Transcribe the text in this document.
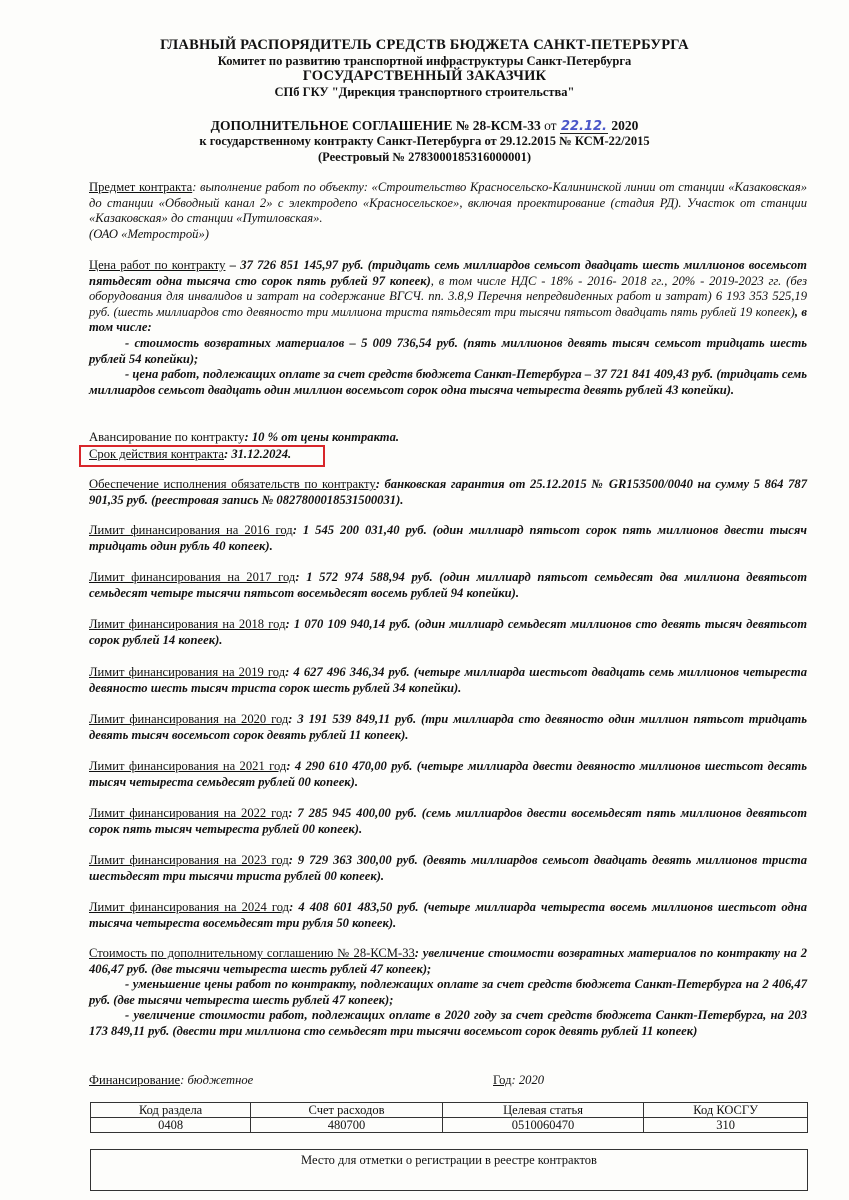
ГЛАВНЫЙ РАСПОРЯДИТЕЛЬ СРЕДСТВ БЮДЖЕТА САНКТ-ПЕТЕРБУРГА
Комитет по развитию транспортной инфраструктуры Санкт-Петербурга
ГОСУДАРСТВЕННЫЙ ЗАКАЗЧИК
СПб ГКУ "Дирекция транспортного строительства"
ДОПОЛНИТЕЛЬНОЕ СОГЛАШЕНИЕ № 28-КСМ-33 от 22.12. 2020
к государственному контракту Санкт-Петербурга от 29.12.2015 № КСМ-22/2015
(Реестровый № 2783000185316000001)
Предмет контракта: выполнение работ по объекту: «Строительство Красносельско-Калининской линии от станции «Казаковская» до станции «Обводный канал 2» с электродепо «Красносельское», включая проектирование (стадия РД). Участок от станции «Казаковская» до станции «Путиловская».
(ОАО «Метрострой»)
Цена работ по контракту – 37 726 851 145,97 руб. (тридцать семь миллиардов семьсот двадцать шесть миллионов восемьсот пятьдесят одна тысяча сто сорок пять рублей 97 копеек), в том числе НДС - 18% - 2016- 2018 гг., 20% - 2019-2023 гг. (без оборудования для инвалидов и затрат на содержание ВГСЧ. пп. 3.8,9 Перечня непредвиденных работ и затрат) 6 193 353 525,19 руб. (шесть миллиардов сто девяносто три миллиона триста пятьдесят три тысячи пятьсот двадцать пять рублей 19 копеек), в том числе:
- стоимость возвратных материалов – 5 009 736,54 руб. (пять миллионов девять тысяч семьсот тридцать шесть рублей 54 копейки);
- цена работ, подлежащих оплате за счет средств бюджета Санкт-Петербурга – 37 721 841 409,43 руб. (тридцать семь миллиардов семьсот двадцать один миллион восемьсот сорок одна тысяча четыреста девять рублей 43 копейки).
Авансирование по контракту: 10 % от цены контракта.
Срок действия контракта: 31.12.2024.
Обеспечение исполнения обязательств по контракту: банковская гарантия от 25.12.2015 № GR153500/0040 на сумму 5 864 787 901,35 руб. (реестровая запись № 0827800018531500031).
Лимит финансирования на 2016 год: 1 545 200 031,40 руб. (один миллиард пятьсот сорок пять миллионов двести тысяч тридцать один рубль 40 копеек).
Лимит финансирования на 2017 год: 1 572 974 588,94 руб. (один миллиард пятьсот семьдесят два миллиона девятьсот семьдесят четыре тысячи пятьсот восемьдесят восемь рублей 94 копейки).
Лимит финансирования на 2018 год: 1 070 109 940,14 руб. (один миллиард семьдесят миллионов сто девять тысяч девятьсот сорок рублей 14 копеек).
Лимит финансирования на 2019 год: 4 627 496 346,34 руб. (четыре миллиарда шестьсот двадцать семь миллионов четыреста девяносто шесть тысяч триста сорок шесть рублей 34 копейки).
Лимит финансирования на 2020 год: 3 191 539 849,11 руб. (три миллиарда сто девяносто один миллион пятьсот тридцать девять тысяч восемьсот сорок девять рублей 11 копеек).
Лимит финансирования на 2021 год: 4 290 610 470,00 руб. (четыре миллиарда двести девяносто миллионов шестьсот десять тысяч четыреста семьдесят рублей 00 копеек).
Лимит финансирования на 2022 год: 7 285 945 400,00 руб. (семь миллиардов двести восемьдесят пять миллионов девятьсот сорок пять тысяч четыреста рублей 00 копеек).
Лимит финансирования на 2023 год: 9 729 363 300,00 руб. (девять миллиардов семьсот двадцать девять миллионов триста шестьдесят три тысячи триста рублей 00 копеек).
Лимит финансирования на 2024 год: 4 408 601 483,50 руб. (четыре миллиарда четыреста восемь миллионов шестьсот одна тысяча четыреста восемьдесят три рубля 50 копеек).
Стоимость по дополнительному соглашению № 28-КСМ-33: увеличение стоимости возвратных материалов по контракту на 2 406,47 руб. (две тысячи четыреста шесть рублей 47 копеек);
- уменьшение цены работ по контракту, подлежащих оплате за счет средств бюджета Санкт-Петербурга на 2 406,47 руб. (две тысячи четыреста шесть рублей 47 копеек);
- увеличение стоимости работ, подлежащих оплате в 2020 году за счет средств бюджета Санкт-Петербурга, на 203 173 849,11 руб. (двести три миллиона сто семьдесят три тысячи восемьсот сорок девять рублей 11 копеек)
Финансирование: бюджетное	Год: 2020
Код раздела	Счет расходов	Целевая статья	Код КОСГУ
0408	480700	0510060470	310
Место для отметки о регистрации в реестре контрактов
